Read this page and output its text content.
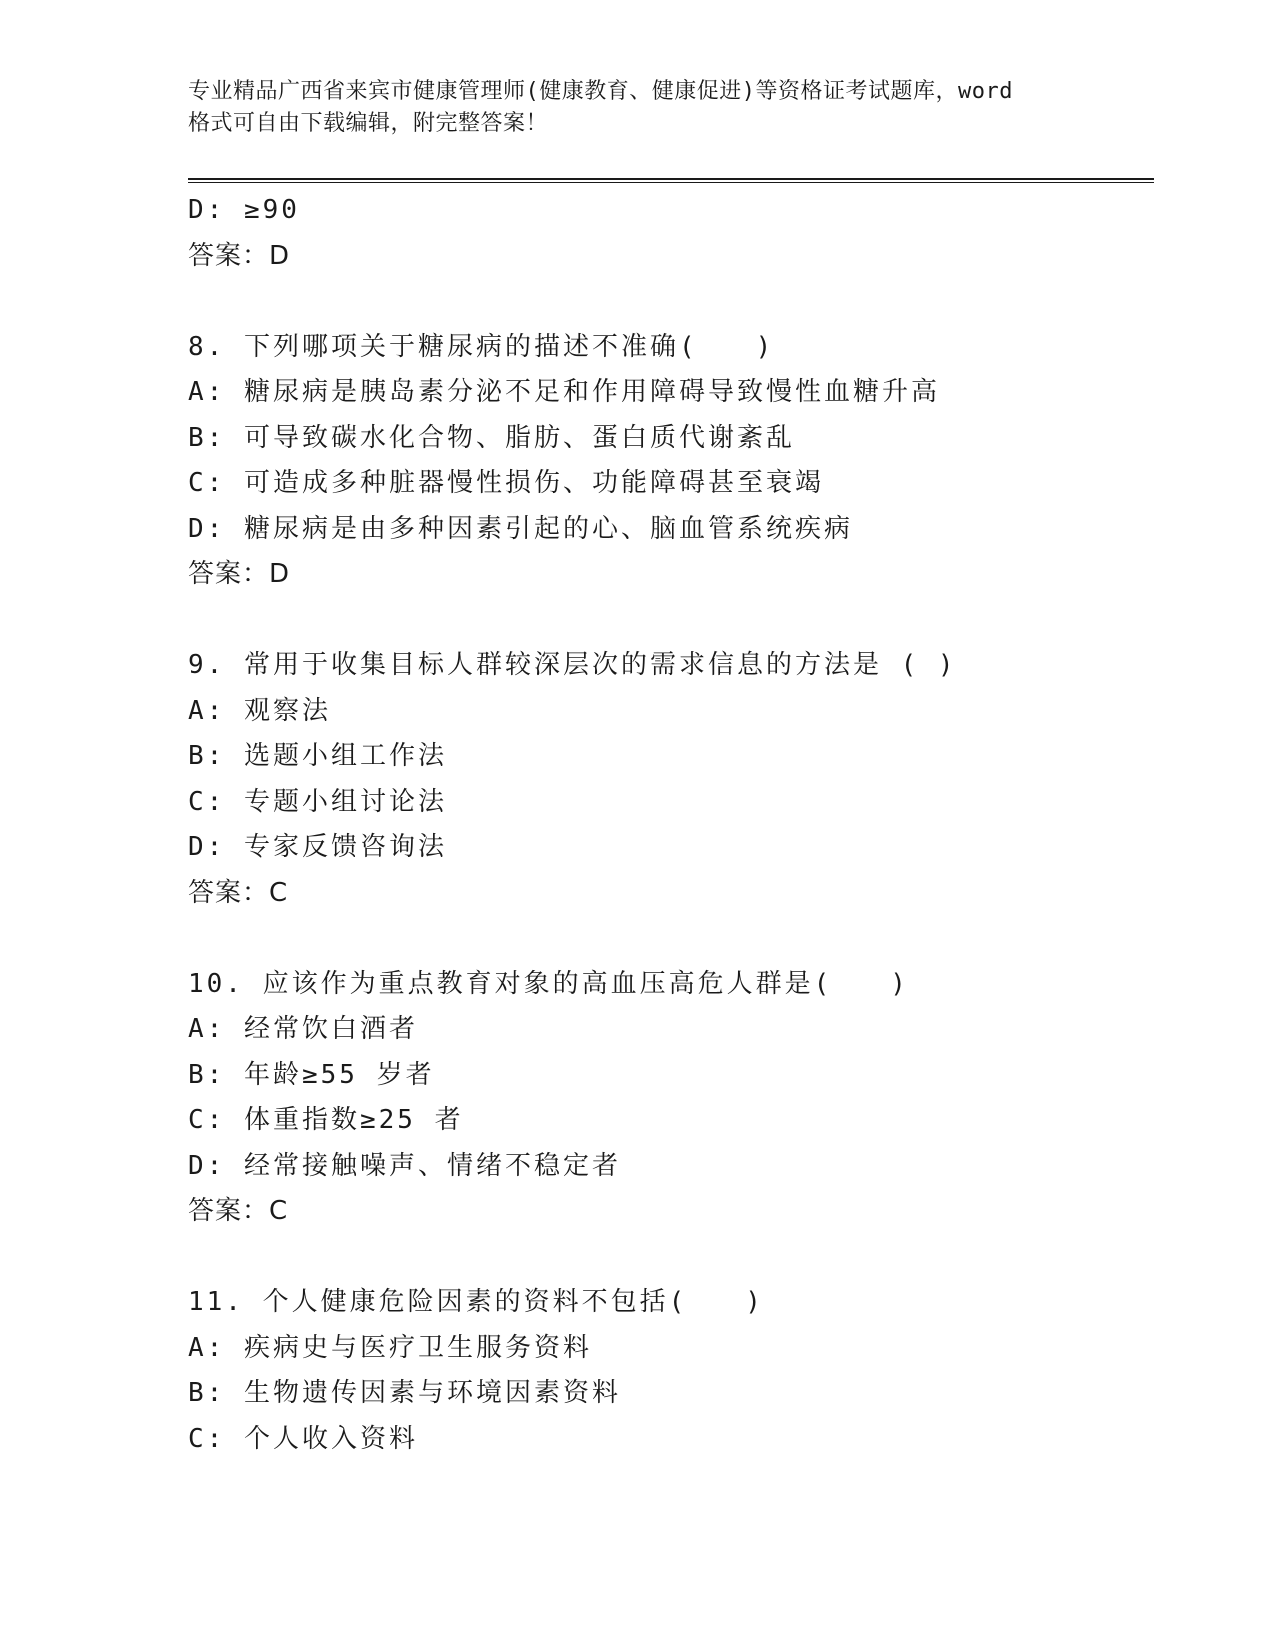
专业精品广西省来宾市健康管理师(健康教育、健康促进)等资格证考试题库，word
格式可自由下载编辑，附完整答案！
D: ≥90
答案：D
8. 下列哪项关于糖尿病的描述不准确(　　)
A: 糖尿病是胰岛素分泌不足和作用障碍导致慢性血糖升高
B: 可导致碳水化合物、脂肪、蛋白质代谢紊乱
C: 可造成多种脏器慢性损伤、功能障碍甚至衰竭
D: 糖尿病是由多种因素引起的心、脑血管系统疾病
答案：D
9. 常用于收集目标人群较深层次的需求信息的方法是 ( )
A: 观察法
B: 选题小组工作法
C: 专题小组讨论法
D: 专家反馈咨询法
答案：C
10. 应该作为重点教育对象的高血压高危人群是(　　)
A: 经常饮白酒者
B: 年龄≥55 岁者
C: 体重指数≥25 者
D: 经常接触噪声、情绪不稳定者
答案：C
11. 个人健康危险因素的资料不包括(　　)
A: 疾病史与医疗卫生服务资料
B: 生物遗传因素与环境因素资料
C: 个人收入资料
